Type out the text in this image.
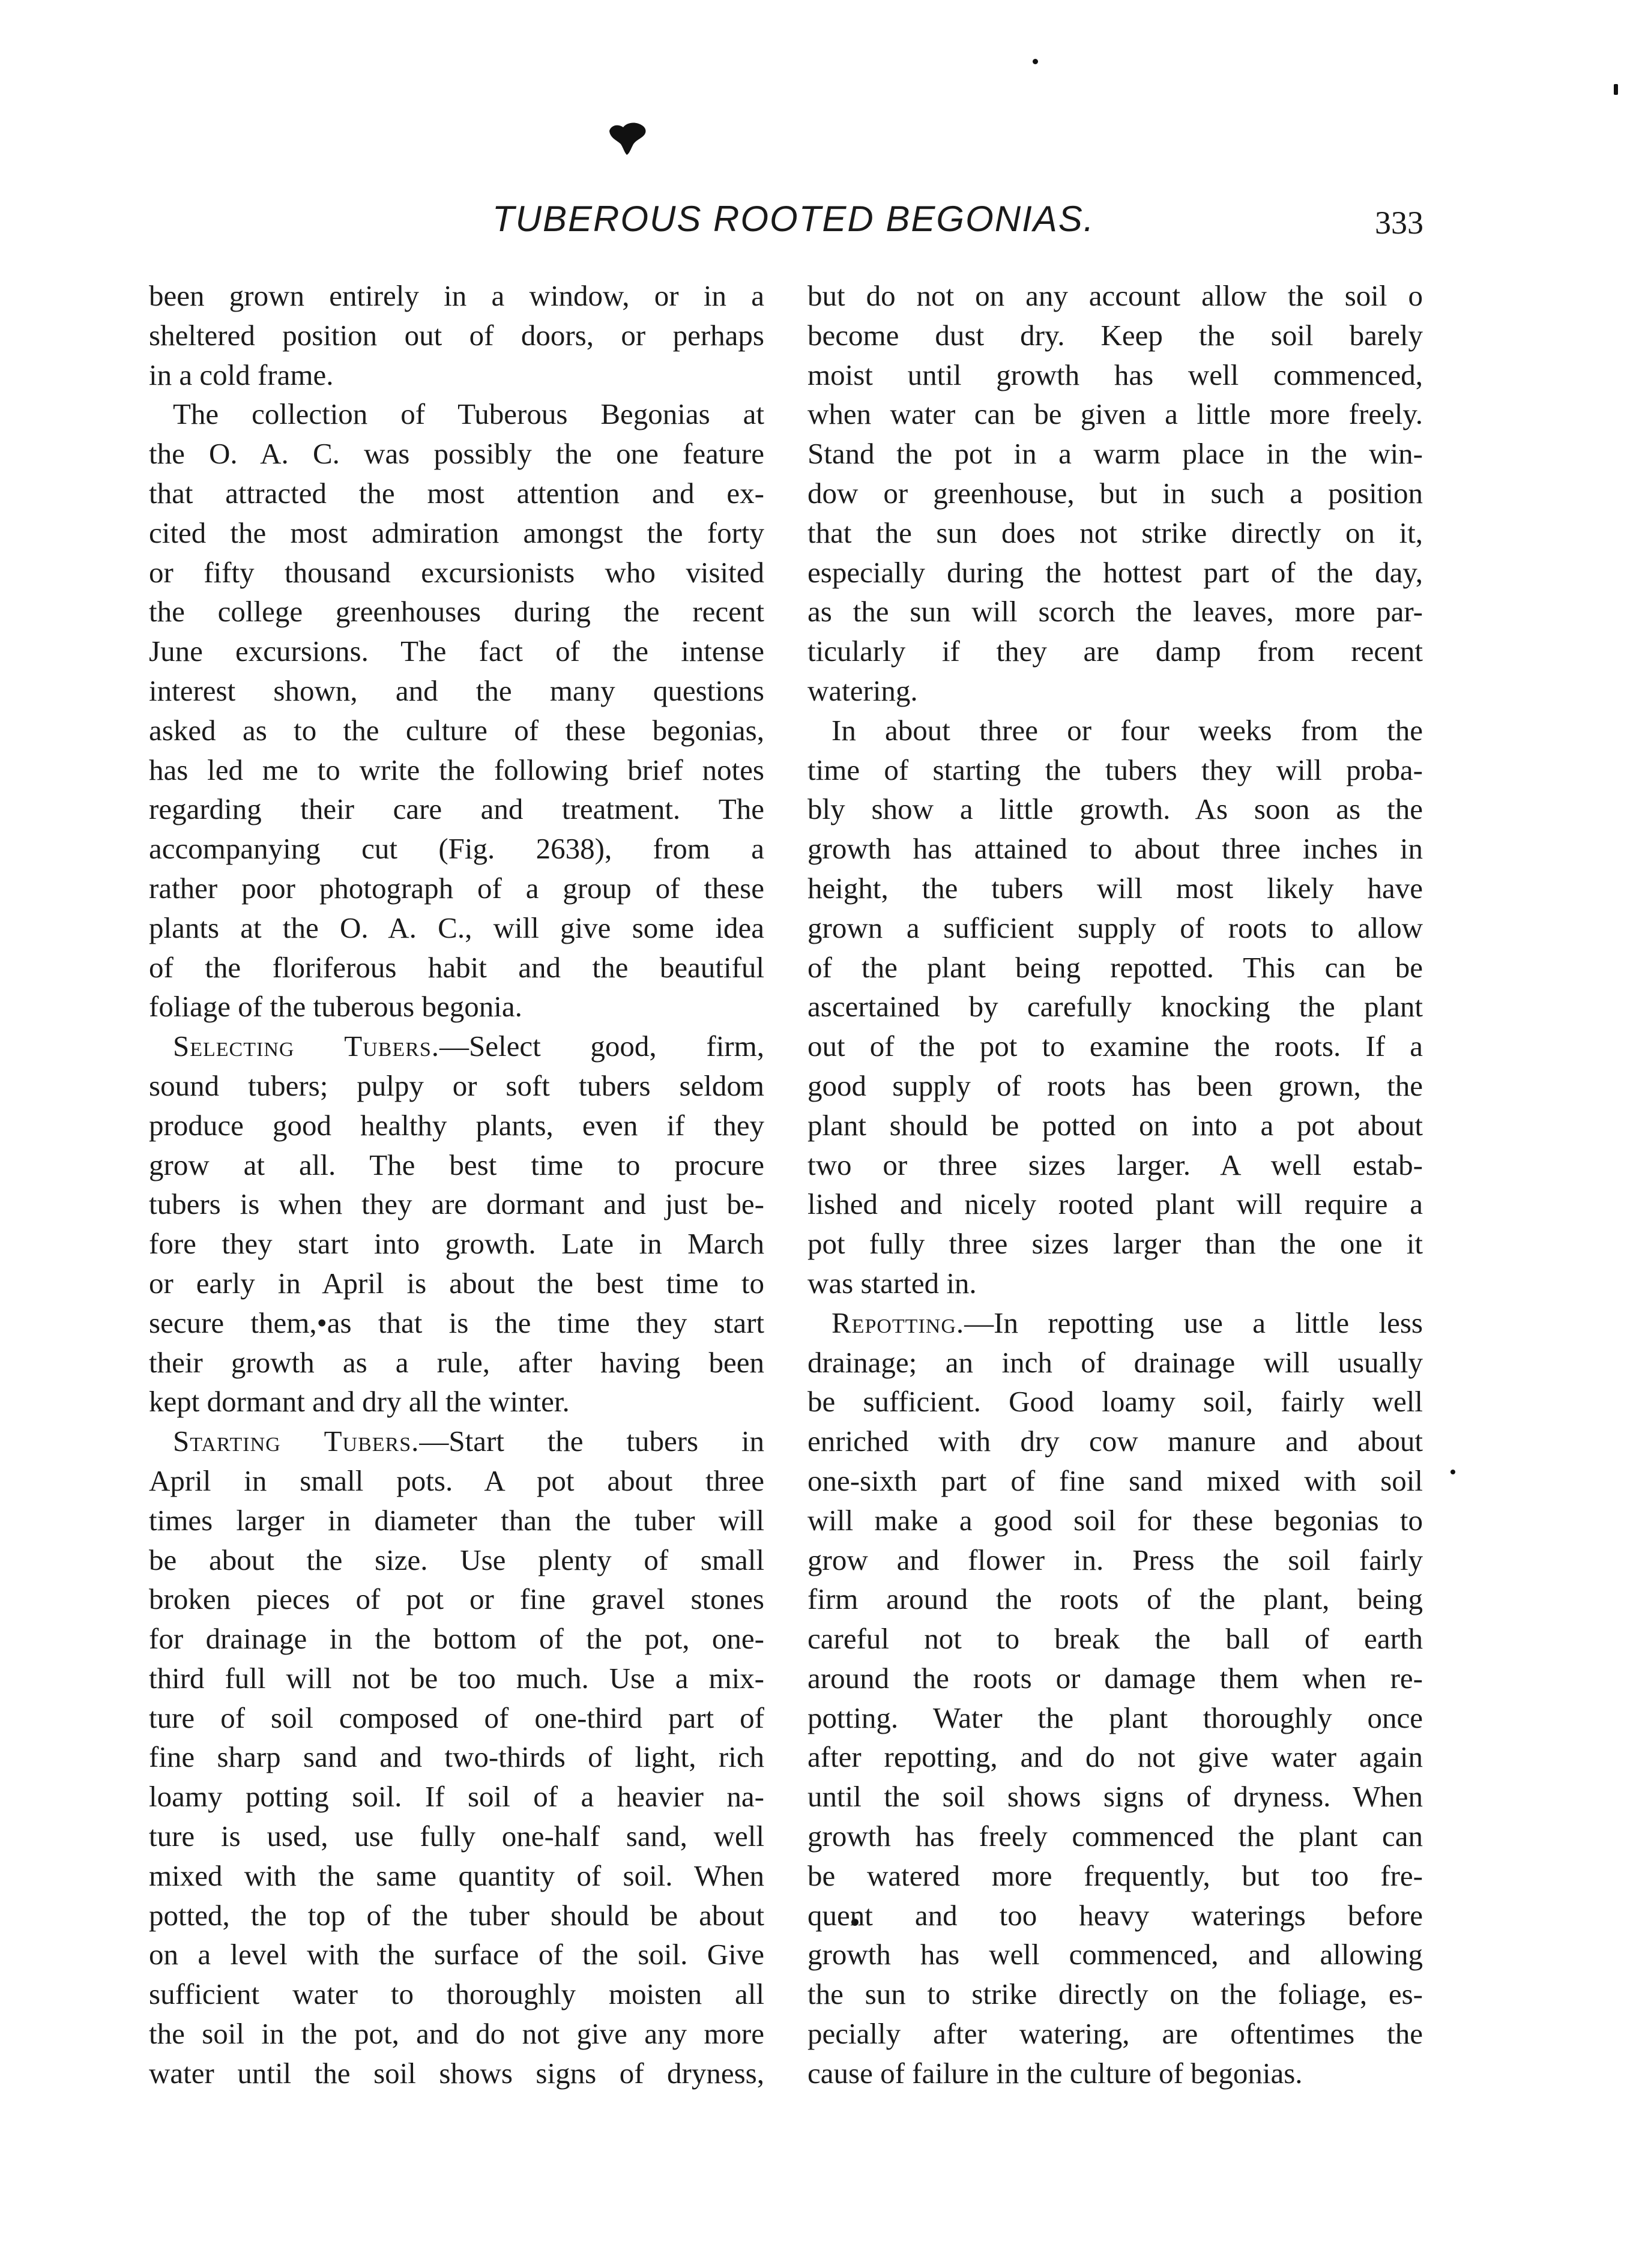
TUBEROUS ROOTED BEGONIAS.	333
been grown entirely in a window, or in a
sheltered position out of doors, or perhaps
in a cold frame.
The collection of Tuberous Begonias at
the O. A. C. was possibly the one feature
that attracted the most attention and ex-
cited the most admiration amongst the forty
or fifty thousand excursionists who visited
the college greenhouses during the recent
June excursions. The fact of the intense
interest shown, and the many questions
asked as to the culture of these begonias,
has led me to write the following brief notes
regarding their care and treatment. The
accompanying cut (Fig. 2638), from a
rather poor photograph of a group of these
plants at the O. A. C., will give some idea
of the floriferous habit and the beautiful
foliage of the tuberous begonia.
Selecting Tubers.—Select good, firm,
sound tubers; pulpy or soft tubers seldom
produce good healthy plants, even if they
grow at all. The best time to procure
tubers is when they are dormant and just be-
fore they start into growth. Late in March
or early in April is about the best time to
secure them,•as that is the time they start
their growth as a rule, after having been
kept dormant and dry all the winter.
Starting Tubers.—Start the tubers in
April in small pots. A pot about three
times larger in diameter than the tuber will
be about the size. Use plenty of small
broken pieces of pot or fine gravel stones
for drainage in the bottom of the pot, one-
third full will not be too much. Use a mix-
ture of soil composed of one-third part of
fine sharp sand and two-thirds of light, rich
loamy potting soil. If soil of a heavier na-
ture is used, use fully one-half sand, well
mixed with the same quantity of soil. When
potted, the top of the tuber should be about
on a level with the surface of the soil. Give
sufficient water to thoroughly moisten all
the soil in the pot, and do not give any more
water until the soil shows signs of dryness,
but do not on any account allow the soil o
become dust dry. Keep the soil barely
moist until growth has well commenced,
when water can be given a little more freely.
Stand the pot in a warm place in the win-
dow or greenhouse, but in such a position
that the sun does not strike directly on it,
especially during the hottest part of the day,
as the sun will scorch the leaves, more par-
ticularly if they are damp from recent
watering.
In about three or four weeks from the
time of starting the tubers they will proba-
bly show a little growth. As soon as the
growth has attained to about three inches in
height, the tubers will most likely have
grown a sufficient supply of roots to allow
of the plant being repotted. This can be
ascertained by carefully knocking the plant
out of the pot to examine the roots. If a
good supply of roots has been grown, the
plant should be potted on into a pot about
two or three sizes larger. A well estab-
lished and nicely rooted plant will require a
pot fully three sizes larger than the one it
was started in.
Repotting.—In repotting use a little less
drainage; an inch of drainage will usually
be sufficient. Good loamy soil, fairly well
enriched with dry cow manure and about
one-sixth part of fine sand mixed with soil
will make a good soil for these begonias to
grow and flower in. Press the soil fairly
firm around the roots of the plant, being
careful not to break the ball of earth
around the roots or damage them when re-
potting. Water the plant thoroughly once
after repotting, and do not give water again
until the soil shows signs of dryness. When
growth has freely commenced the plant can
be watered more frequently, but too fre-
quent and too heavy waterings before
growth has well commenced, and allowing
the sun to strike directly on the foliage, es-
pecially after watering, are oftentimes the
cause of failure in the culture of begonias.
